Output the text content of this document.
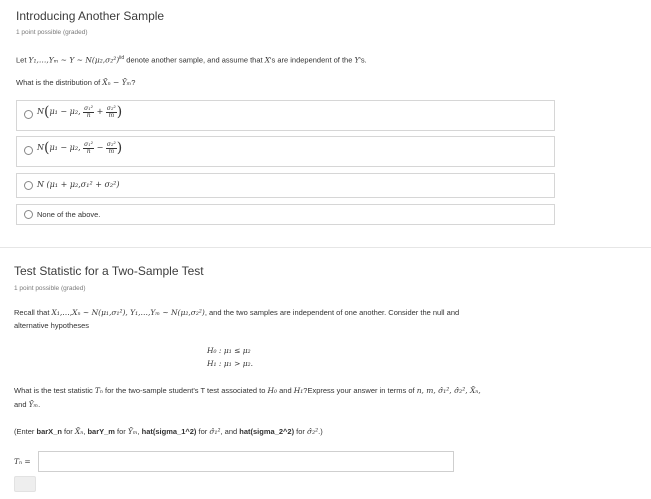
Introducing Another Sample
1 point possible (graded)
Let Y₁,…,Yₘ ~ Y ~ $N(\mu_2,\sigma_2^2)^{iid}$ denote another sample, and assume that X's are independent of the Y's.
What is the distribution of X̄ₙ − Ȳₘ?
N(μ₁ − μ₂, $\frac{\text{σ₁²}}{n} + \frac{\text{σ₂²}}{m}$ )
N(μ₁ − μ₂, $\frac{\text{σ₁²}}{n} - \frac{\text{σ₂²}}{m}$ )
N (μ₁ + μ₂,σ₁² + σ₂²)
None of the above.
Test Statistic for a Two-Sample Test
1 point possible (graded)
Recall that X₁,…,Xₙ ~ N(μ₁,σ₁²), Y₁,…,Yₘ ~ N(μ₂,σ₂²), and the two samples are independent of one another. Consider the null and
alternative hypotheses
H₀ : μ₁ ≤ μ₂
H₁ : μ₁ > μ₂.
What is the test statistic Tₙ for the two-sample student's T test associated to H₀ and H₁?Express your answer in terms of n, m, σ̂₁², σ̂₂², X̄ₙ,
and Ȳₘ.
(Enter barX_n for X̄ₙ, barY_m for Ȳₘ, hat(sigma_1^2) for σ̂₁², and hat(sigma_2^2) for σ̂₂².)
Tₙ =
